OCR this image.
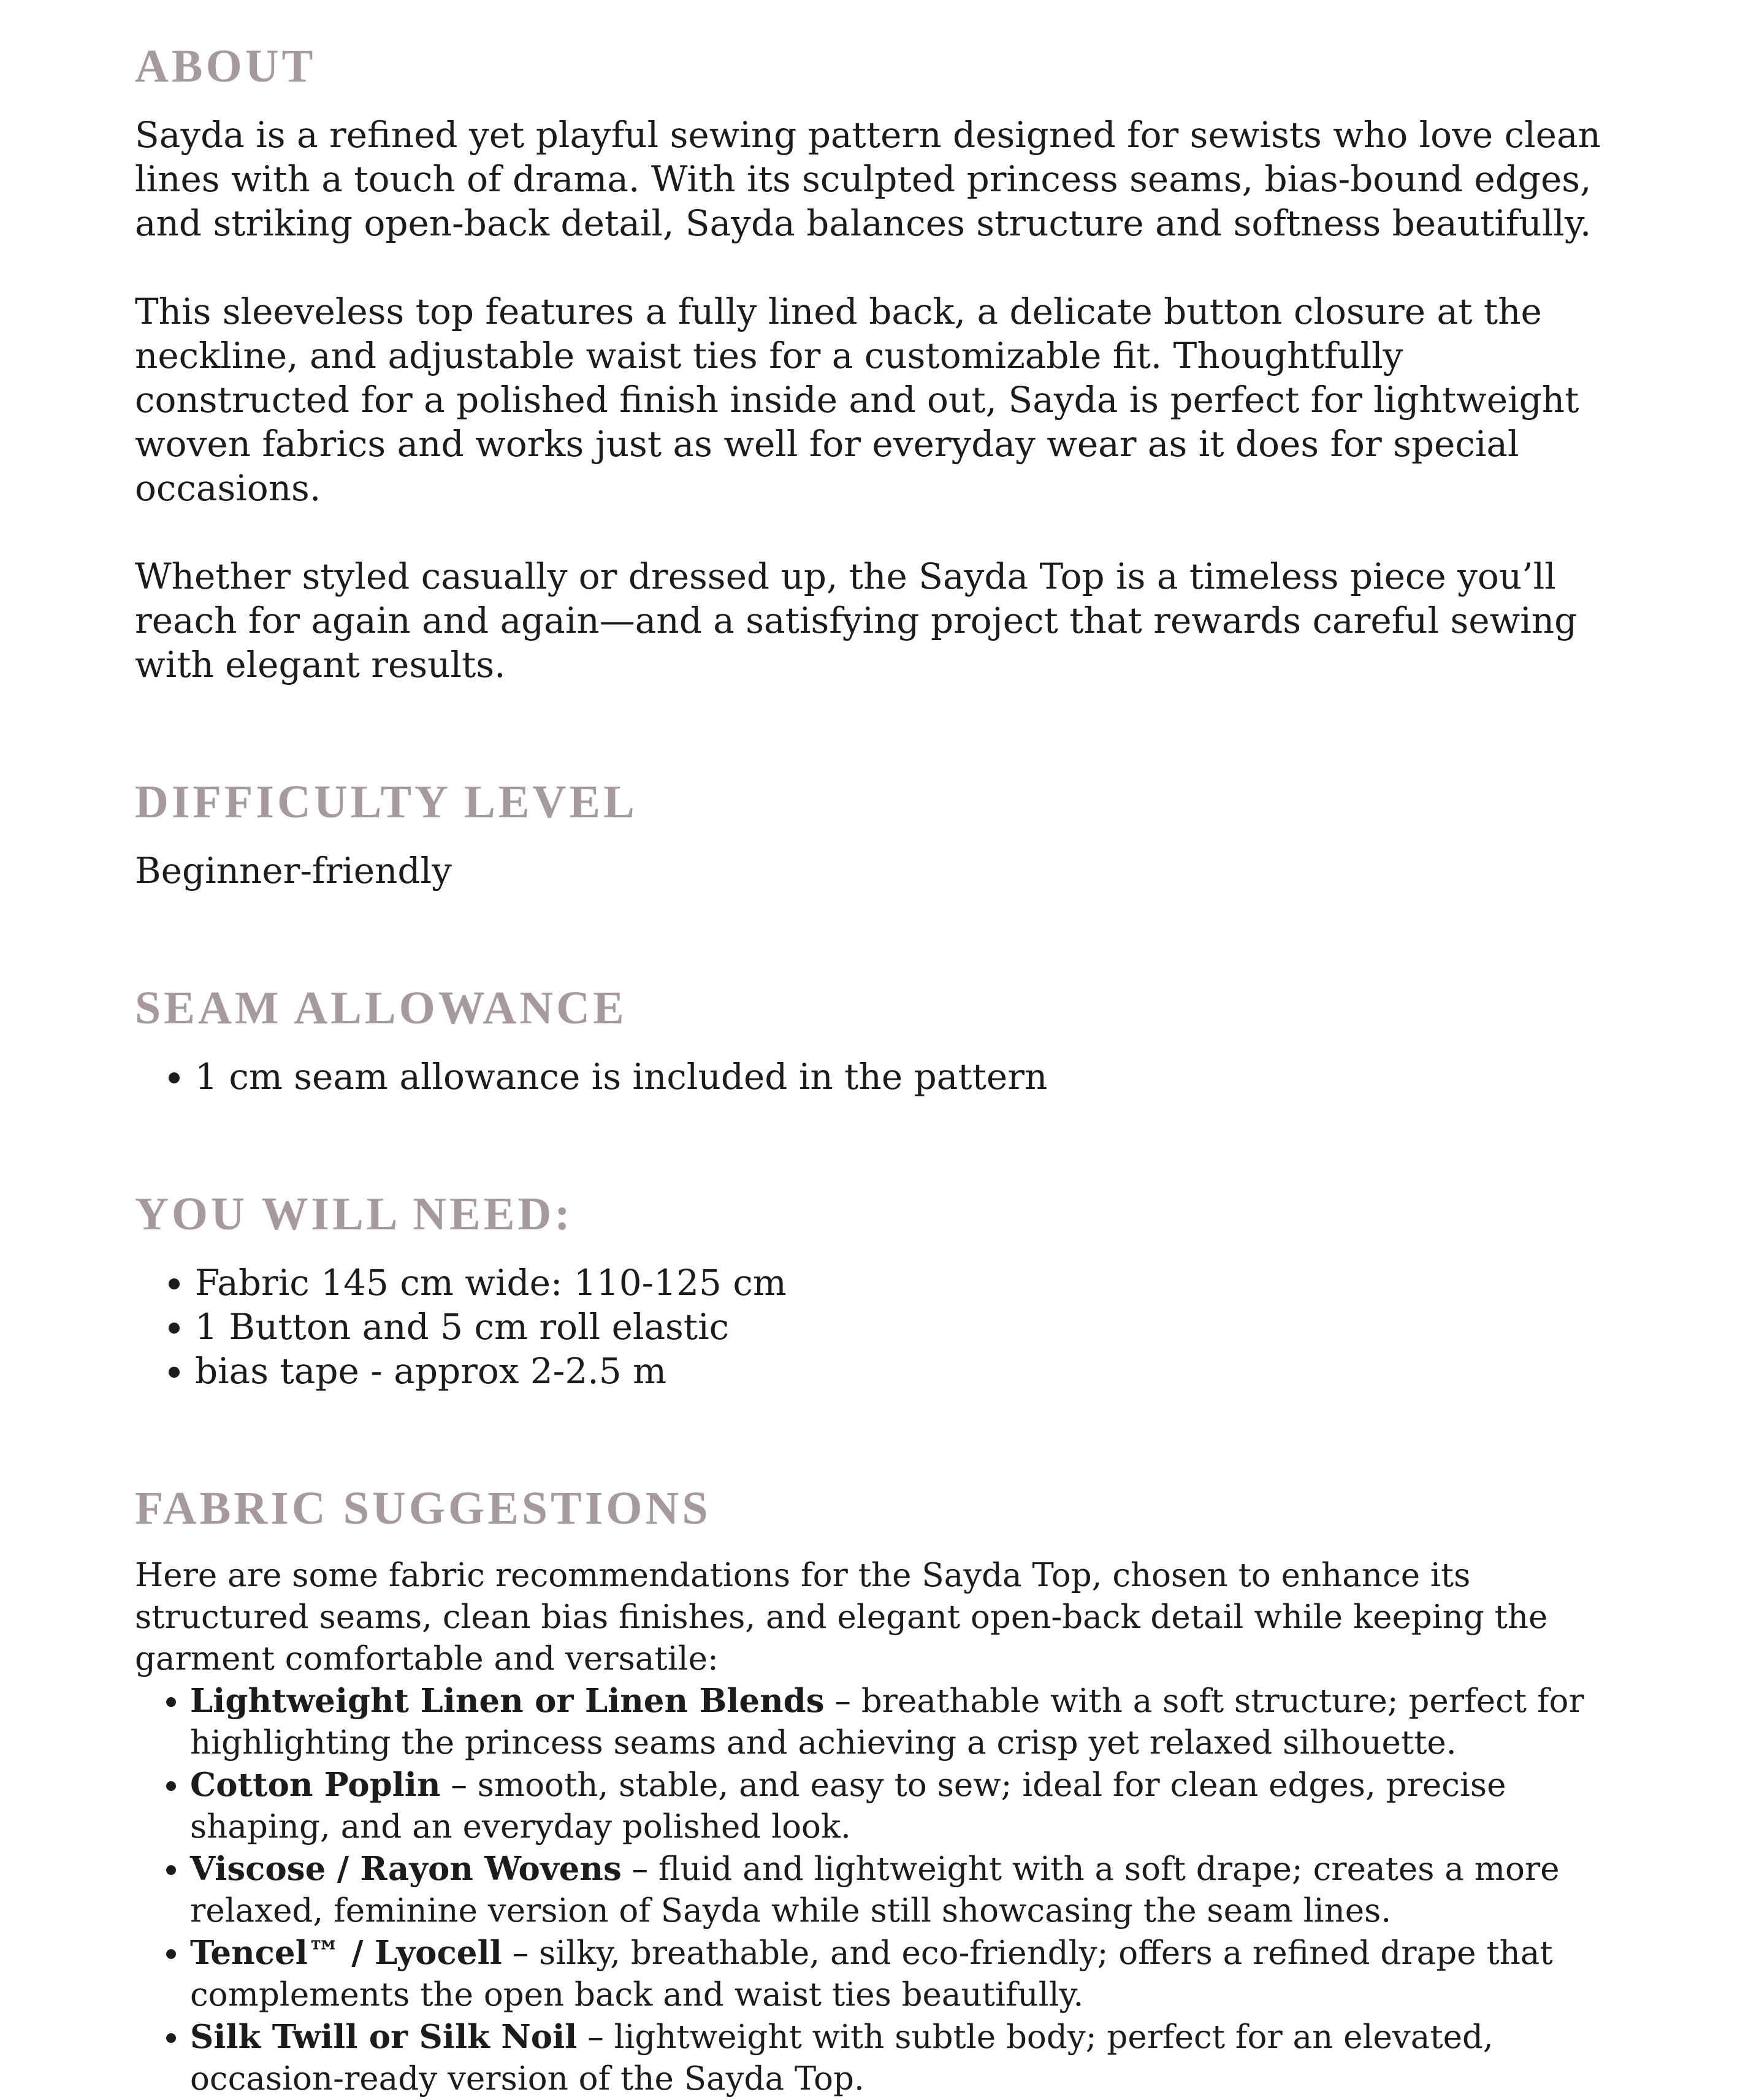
ABOUT

Sayda is a refined yet playful sewing pattern designed for sewists who love clean lines with a touch of drama. With its sculpted princess seams, bias-bound edges, and striking open-back detail, Sayda balances structure and softness beautifully.

This sleeveless top features a fully lined back, a delicate button closure at the neckline, and adjustable waist ties for a customizable fit. Thoughtfully constructed for a polished finish inside and out, Sayda is perfect for lightweight woven fabrics and works just as well for everyday wear as it does for special occasions.

Whether styled casually or dressed up, the Sayda Top is a timeless piece you’ll reach for again and again—and a satisfying project that rewards careful sewing with elegant results.

DIFFICULTY LEVEL

Beginner-friendly

SEAM ALLOWANCE
• 1 cm seam allowance is included in the pattern
YOU WILL NEED:
• Fabric 145 cm wide: 110-125 cm
• 1 Button and 5 cm roll elastic
• bias tape - approx 2-2.5 m
FABRIC SUGGESTIONS

Here are some fabric recommendations for the Sayda Top, chosen to enhance its structured seams, clean bias finishes, and elegant open-back detail while keeping the garment comfortable and versatile:

• Lightweight Linen or Linen Blends – breathable with a soft structure; perfect for highlighting the princess seams and achieving a crisp yet relaxed silhouette.
• Cotton Poplin – smooth, stable, and easy to sew; ideal for clean edges, precise shaping, and an everyday polished look.
• Viscose / Rayon Wovens – fluid and lightweight with a soft drape; creates a more relaxed, feminine version of Sayda while still showcasing the seam lines.
• Tencel™ / Lyocell – silky, breathable, and eco-friendly; offers a refined drape that complements the open back and waist ties beautifully.
• Silk Twill or Silk Noil – lightweight with subtle body; perfect for an elevated, occasion-ready version of the Sayda Top.
